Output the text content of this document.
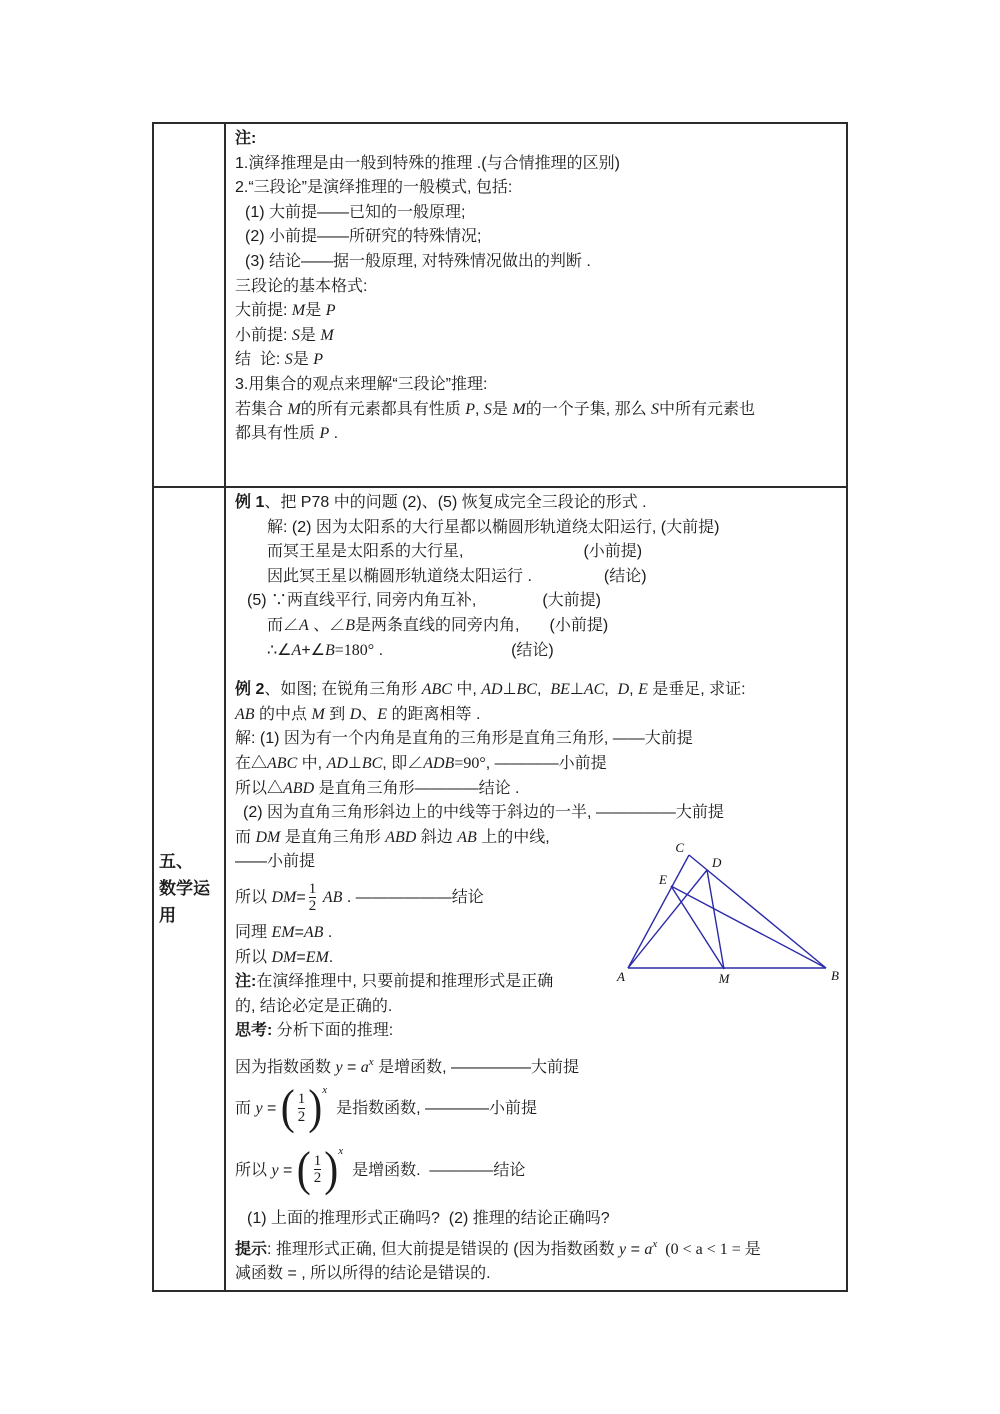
注:
1.演绎推理是由一般到特殊的推理 .(与合情推理的区别)
2.“三段论”是演绎推理的一般模式, 包括:
(1) 大前提——已知的一般原理;
(2) 小前提——所研究的特殊情况;
(3) 结论——据一般原理, 对特殊情况做出的判断 .
三段论的基本格式:
大前提: M是 P
小前提: S是 M
结  论: S是 P
3.用集合的观点来理解“三段论”推理:
若集合 M的所有元素都具有性质 P, S是 M的一个子集, 那么 S中所有元素也
都具有性质 P .

五、
数学运
用

例 1、把 P78 中的问题 (2)、(5) 恢复成完全三段论的形式 .
解: (2) 因为太阳系的大行星都以椭圆形轨道绕太阳运行, (大前提)
而冥王星是太阳系的大行星,	(小前提)
因此冥王星以椭圆形轨道绕太阳运行 .	(结论)
(5) ∵两直线平行, 同旁内角互补,	(大前提)
而∠A 、∠B是两条直线的同旁内角, (小前提)
∴∠A+∠B=180° .	(结论)
例 2、如图; 在锐角三角形 ABC 中, AD⊥BC,  BE⊥AC,  D, E 是垂足, 求证:
AB 的中点 M 到 D、E 的距离相等 .
解: (1) 因为有一个内角是直角的三角形是直角三角形, ——大前提
在△ABC 中, AD⊥BC, 即∠ADB=90°, ————小前提
所以△ABD 是直角三角形————结论 .
(2) 因为直角三角形斜边上的中线等于斜边的一半, —————大前提
而 DM 是直角三角形 ABD 斜边 AB 上的中线,
——小前提
所以 $DM= \frac{1}{2}$ AB . ——————结论
同理 EM=AB .
所以 DM=EM.
注:在演绎推理中, 只要前提和推理形式是正确
的, 结论必定是正确的.
思考: 分析下面的推理:
因为指数函数 $y = a^x$ 是增函数, —————大前提
而 y = ( $\frac{1}{2} )x$  是指数函数, ————小前提
所以 y = ( $\frac{1}{2} )x$  是增函数.  ————结论
(1) 上面的推理形式正确吗?  (2) 推理的结论正确吗?
提示: 推理形式正确, 但大前提是错误的 (因为指数函数 $y = a^x$  (0 < a < 1 = 是
减函数 = , 所以所得的结论是错误的.
C
D
E
A	M	B
